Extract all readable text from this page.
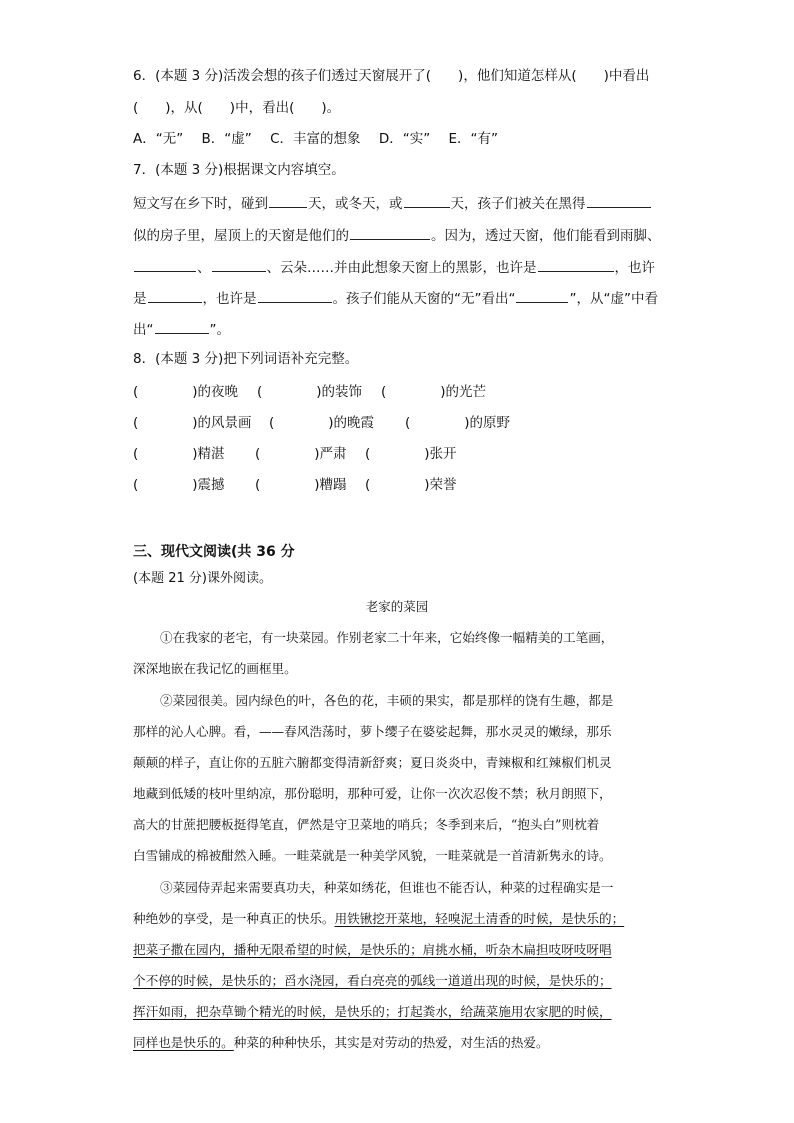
6．(本题 3 分)活泼会想的孩子们透过天窗展开了(　　)，他们知道怎样从(　　)中看出
(　　)，从(　　)中，看出(　　)。
A．“无” B．“虚” C．丰富的想象 D．“实” E．“有”
7．(本题 3 分)根据课文内容填空。
短文写在乡下时，碰到	天，或冬天，或	天，孩子们被关在黑得
似的房子里，屋顶上的天窗是他们的	。因为，透过天窗，他们能看到雨脚、
、	、云朵……并由此想象天窗上的黑影，也许是	，也许
是	，也许是	。孩子们能从天窗的“无”看出“	”，从“虚”中看
出“	”。
8．(本题 3 分)把下列词语补充完整。
(　　　　)的夜晚 (　　　　)的装饰 (　　　　)的光芒
(　　　　)的风景画 (　　　　)的晚霞 (　　　　)的原野
(　　　　)精湛 (　　　　)严肃 (　　　　)张开
(　　　　)震撼 (　　　　)糟蹋 (　　　　)荣誉
三、现代文阅读(共 36 分
(本题 21 分)课外阅读。
老家的菜园
①在我家的老宅，有一块菜园。作别老家二十年来，它始终像一幅精美的工笔画，
深深地嵌在我记忆的画框里。
②菜园很美。园内绿色的叶，各色的花，丰硕的果实，都是那样的饶有生趣，都是
那样的沁人心脾。看，——春风浩荡时，萝卜缨子在婆娑起舞，那水灵灵的嫩绿，那乐
颠颠的样子，直让你的五脏六腑都变得清新舒爽；夏日炎炎中，青辣椒和红辣椒们机灵
地藏到低矮的枝叶里纳凉，那份聪明，那种可爱，让你一次次忍俊不禁；秋月朗照下，
高大的甘蔗把腰板挺得笔直，俨然是守卫菜地的哨兵；冬季到来后，“抱头白”则枕着
白雪铺成的棉被酣然入睡。一畦菜就是一种美学风貌，一畦菜就是一首清新隽永的诗。
③菜园侍弄起来需要真功夫，种菜如绣花，但谁也不能否认，种菜的过程确实是一
种绝妙的享受，是一种真正的快乐。用铁锹挖开菜地，轻嗅泥土清香的时候，是快乐的；
把菜子撒在园内，播种无限希望的时候，是快乐的；肩挑水桶，听杂木扁担吱呀吱呀唱
个不停的时候，是快乐的；舀水浇园，看白亮亮的弧线一道道出现的时候，是快乐的；
挥汗如雨，把杂草锄个精光的时候，是快乐的；打起粪水，给蔬菜施用农家肥的时候，
同样也是快乐的。种菜的种种快乐，其实是对劳动的热爱，对生活的热爱。
